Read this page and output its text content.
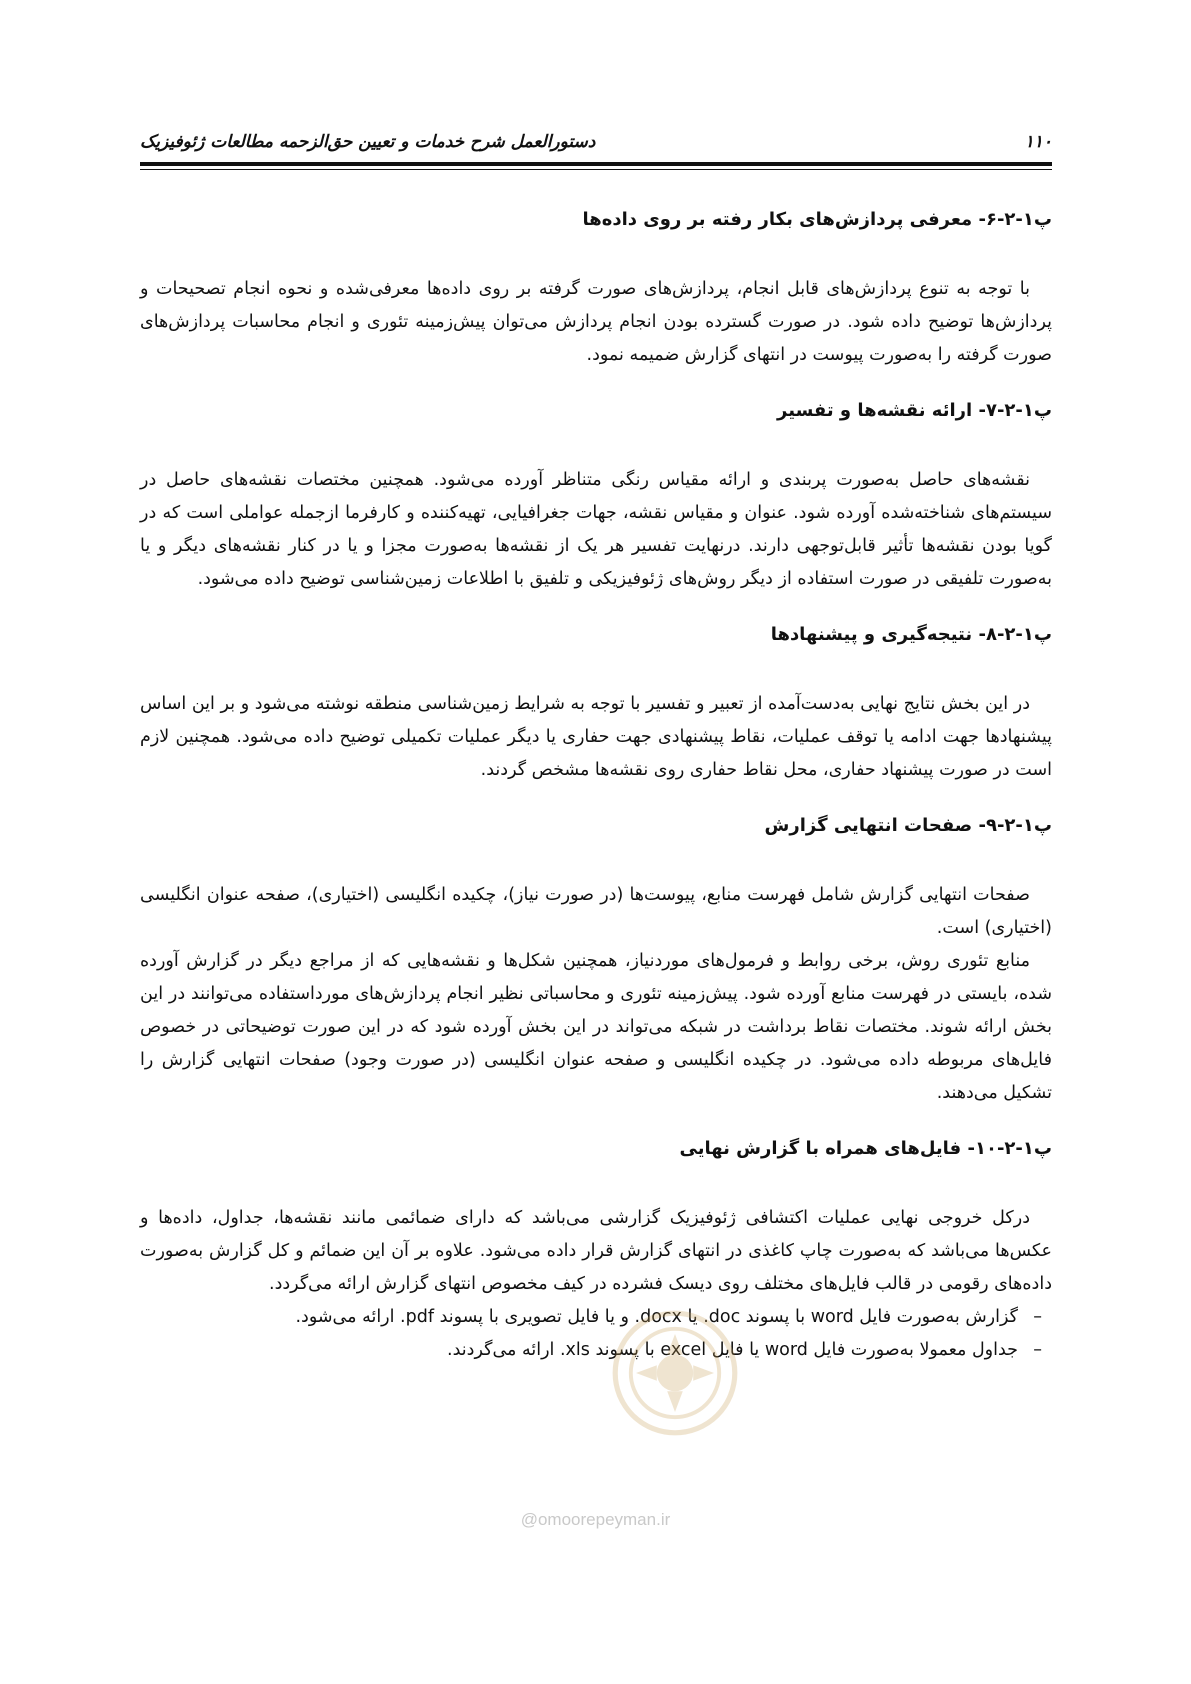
۱۱۰
دستورالعمل شرح خدمات و تعیین حق‌الزحمه مطالعات ژئوفیزیک
پ۱-۲-۶- معرفی پردازش‌های بکار رفته بر روی داده‌ها

با توجه به تنوع پردازش‌های قابل انجام، پردازش‌های صورت گرفته بر روی داده‌ها معرفی‌شده و نحوه انجام تصحیحات و پردازش‌ها توضیح داده شود. در صورت گسترده بودن انجام پردازش می‌توان پیش‌زمینه تئوری و انجام محاسبات پردازش‌های صورت گرفته را به‌صورت پیوست در انتهای گزارش ضمیمه نمود.

پ۱-۲-۷- ارائه نقشه‌ها و تفسیر

نقشه‌های حاصل به‌صورت پربندی و ارائه مقیاس رنگی متناظر آورده می‌شود. همچنین مختصات نقشه‌های حاصل در سیستم‌های شناخته‌شده آورده شود. عنوان و مقیاس نقشه، جهات جغرافیایی، تهیه‌کننده و کارفرما ازجمله عواملی است که در گویا بودن نقشه‌ها تأثیر قابل‌توجهی دارند. درنهایت تفسیر هر یک از نقشه‌ها به‌صورت مجزا و یا در کنار نقشه‌های دیگر و یا به‌صورت تلفیقی در صورت استفاده از دیگر روش‌های ژئوفیزیکی و تلفیق با اطلاعات زمین‌شناسی توضیح داده می‌شود.

پ۱-۲-۸- نتیجه‌گیری و پیشنهادها

در این بخش نتایج نهایی به‌دست‌آمده از تعبیر و تفسیر با توجه به شرایط زمین‌شناسی منطقه نوشته می‌شود و بر این اساس پیشنهادها جهت ادامه یا توقف عملیات، نقاط پیشنهادی جهت حفاری یا دیگر عملیات تکمیلی توضیح داده می‌شود. همچنین لازم است در صورت پیشنهاد حفاری، محل نقاط حفاری روی نقشه‌ها مشخص گردند.

پ۱-۲-۹- صفحات انتهایی گزارش

صفحات انتهایی گزارش شامل فهرست منابع، پیوست‌ها (در صورت نیاز)، چکیده انگلیسی (اختیاری)، صفحه عنوان انگلیسی (اختیاری) است.

منابع تئوری روش، برخی روابط و فرمول‌های موردنیاز، همچنین شکل‌ها و نقشه‌هایی که از مراجع دیگر در گزارش آورده شده، بایستی در فهرست منابع آورده شود. پیش‌زمینه تئوری و محاسباتی نظیر انجام پردازش‌های مورداستفاده می‌توانند در این بخش ارائه شوند. مختصات نقاط برداشت در شبکه می‌تواند در این بخش آورده شود که در این صورت توضیحاتی در خصوص فایل‌های مربوطه داده می‌شود. در چکیده انگلیسی و صفحه عنوان انگلیسی (در صورت وجود) صفحات انتهایی گزارش را تشکیل می‌دهند.

پ۱-۲-۱۰- فایل‌های همراه با گزارش نهایی

درکل خروجی نهایی عملیات اکتشافی ژئوفیزیک گزارشی می‌باشد که دارای ضمائمی مانند نقشه‌ها، جداول، داده‌ها و عکس‌ها می‌باشد که به‌صورت چاپ کاغذی در انتهای گزارش قرار داده می‌شود. علاوه بر آن این ضمائم و کل گزارش به‌صورت داده‌های رقومی در قالب فایل‌های مختلف روی دیسک فشرده در کیف مخصوص انتهای گزارش ارائه می‌گردد.

– گزارش به‌صورت فایل word با پسوند doc. یا docx. و یا فایل تصویری با پسوند pdf. ارائه می‌شود.
– جداول معمولا به‌صورت فایل word یا فایل excel با پسوند xls. ارائه می‌گردند.
@omoorepeyman.ir
